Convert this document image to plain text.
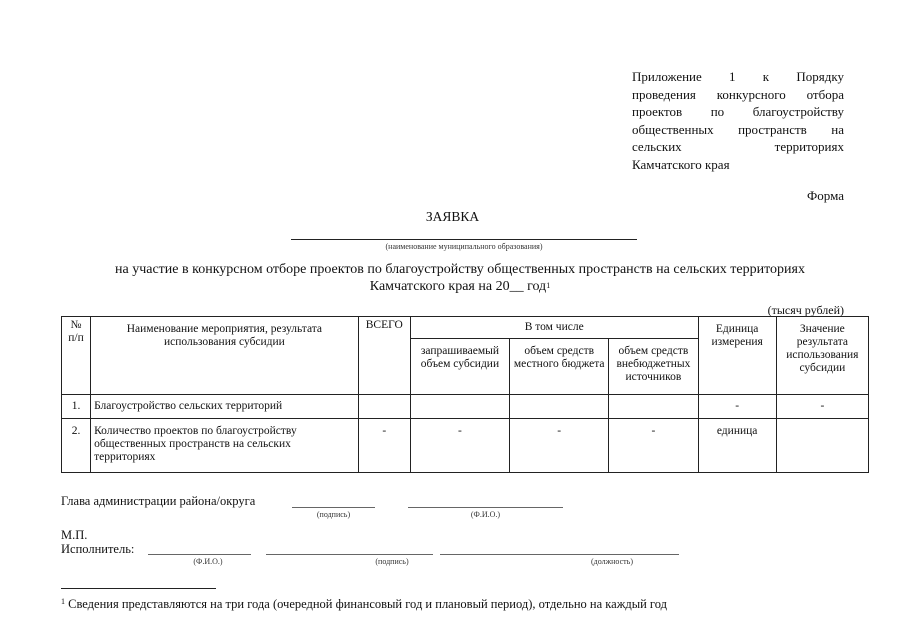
Приложение 1 к Порядку
проведения конкурсного отбора
проектов по благоустройству
общественных пространств на
сельских территориях
Камчатского края
Форма
ЗАЯВКА
(наименование муниципального образования)
на участие в конкурсном отборе проектов по благоустройству общественных пространств на сельских территориях
Камчатского края на 20__ год$^1$
(тысяч рублей)
№ п/п	Наименование мероприятия, результата использования субсидии	ВСЕГО	В том числе			Единица измерения	Значение результата использования субсидии
			запрашиваемый объем субсидии	объем средств местного бюджета	объем средств внебюджетных источников		
1.	Благоустройство сельских территорий					-	-
2.	Количество проектов по благоустройству общественных пространств на сельских территориях	-	-	-	-	единица	
Глава администрации района/округа
(подпись)	(Ф.И.О.)
М.П.
Исполнитель:
(Ф.И.О.)	(подпись)	(должность)
$^1$ Сведения представляются на три года (очередной финансовый год и плановый период), отдельно на каждый год
